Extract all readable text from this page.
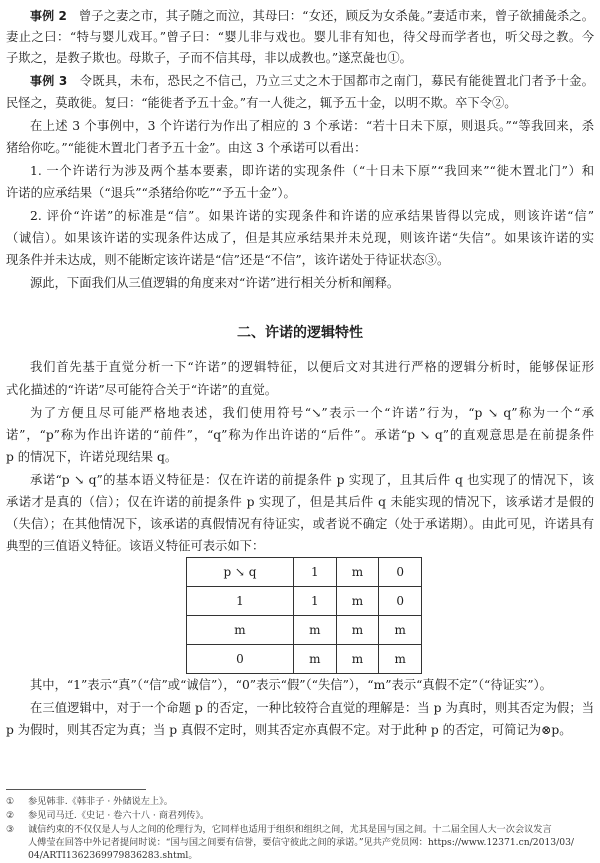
事例 2 曾子之妻之市，其子随之而泣，其母曰：“女还，顾反为女杀彘。”妻适市来，曾子欲捕彘杀之。
妻止之曰：“特与婴儿戏耳。”曾子曰：“婴儿非与戏也。婴儿非有知也，待父母而学者也，听父母之教。今
子欺之，是教子欺也。母欺子，子而不信其母，非以成教也。”遂烹彘也①。
事例 3 令既具，未布，恐民之不信己，乃立三丈之木于国都市之南门，募民有能徙置北门者予十金。
民怪之，莫敢徙。复曰：“能徙者予五十金。”有一人徙之，辄予五十金，以明不欺。卒下令②。
在上述 3 个事例中，3 个许诺行为作出了相应的 3 个承诺：“若十日未下原，则退兵。”“等我回来，杀
猪给你吃。”“能徙木置北门者予五十金”。由这 3 个承诺可以看出：
1. 一个许诺行为涉及两个基本要素，即许诺的实现条件（“十日未下原”“我回来”“徙木置北门”）和
许诺的应承结果（“退兵”“杀猪给你吃”“予五十金”）。
2. 评价“许诺”的标准是“信”。如果许诺的实现条件和许诺的应承结果皆得以完成，则该许诺“信”
（诚信）。如果该许诺的实现条件达成了，但是其应承结果并未兑现，则该许诺“失信”。如果该许诺的实
现条件并未达成，则不能断定该许诺是“信”还是“不信”，该许诺处于待证状态③。
源此，下面我们从三值逻辑的角度来对“许诺”进行相关分析和阐释。
二、许诺的逻辑特性
我们首先基于直觉分析一下“许诺”的逻辑特征，以便后文对其进行严格的逻辑分析时，能够保证形
式化描述的“许诺”尽可能符合关于“许诺”的直觉。
为了方便且尽可能严格地表述，我们使用符号“↘”表示一个“许诺”行为，“p ↘ q”称为一个“承
诺”，“p”称为作出许诺的“前件”，“q”称为作出许诺的“后件”。承诺“p ↘ q”的直观意思是在前提条件
p 的情况下，许诺兑现结果 q。
承诺“p ↘ q”的基本语义特征是：仅在许诺的前提条件 p 实现了，且其后件 q 也实现了的情况下，该
承诺才是真的（信）；仅在许诺的前提条件 p 实现了，但是其后件 q 未能实现的情况下，该承诺才是假的
（失信）；在其他情况下，该承诺的真假情况有待证实，或者说不确定（处于承诺期）。由此可见，许诺具有
典型的三值语义特征。该语义特征可表示如下：
p ↘ q	1	m	0
1	1	m	0
m	m	m	m
0	m	m	m
其中，“1”表示“真”（“信”或“诚信”），“0”表示“假”（“失信”），“m”表示“真假不定”（“待证实”）。
在三值逻辑中，对于一个命题 p 的否定，一种比较符合直觉的理解是：当 p 为真时，则其否定为假；当
p 为假时，则其否定为真；当 p 真假不定时，则其否定亦真假不定。对于此种 p 的否定，可简记为⊗p。
① 参见韩非.《韩非子 · 外储说左上》。
② 参见司马迁.《史记 · 卷六十八 · 商君列传》。
③ 诚信约束的不仅仅是人与人之间的伦理行为，它同样也适用于组织和组织之间，尤其是国与国之间。十二届全国人大一次会议发言
人傅莹在回答中外记者提问时说：“国与国之间要有信誉，要信守彼此之间的承诺。”见共产党员网：https://www.12371.cn/2013/03/
04/ARTI1362369979836283.shtml。
